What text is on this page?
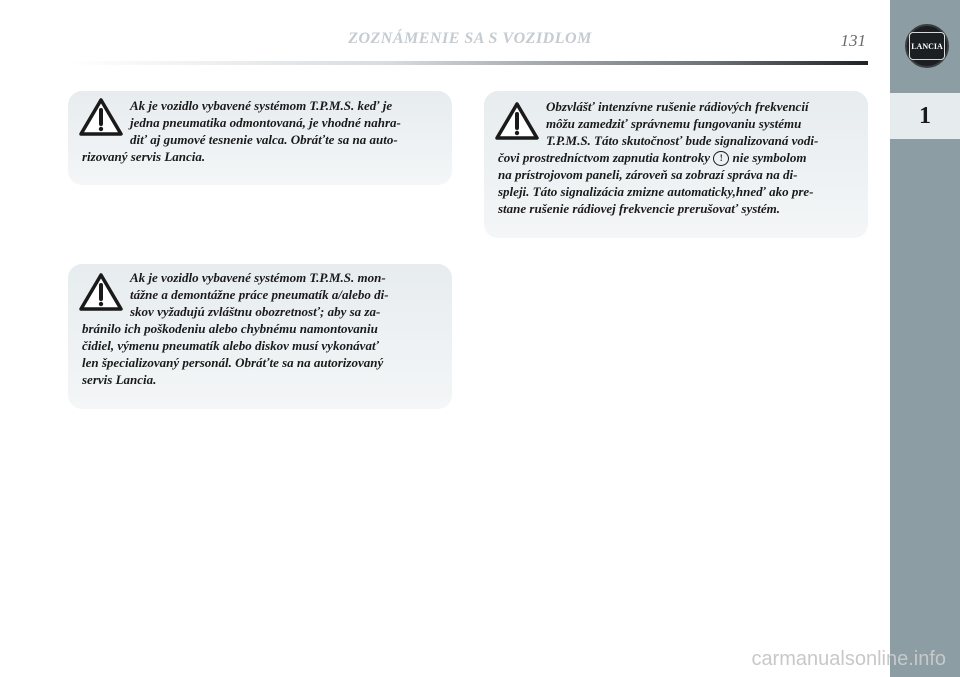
ZOZNÁMENIE SA S VOZIDLOM	131	LANCIA
1

Ak je vozidlo vybavené systémom T.P.M.S. keď je
jedna pneumatika odmontovaná, je vhodné nahra-
diť aj gumové tesnenie valca. Obráťte sa na auto-
rizovaný servis Lancia.

Ak je vozidlo vybavené systémom T.P.M.S. mon-
tážne a demontážne práce pneumatík a/alebo di-
skov vyžadujú zvláštnu obozretnosť; aby sa za-
bránilo ich poškodeniu alebo chybnému namontovaniu
čidiel, výmenu pneumatík alebo diskov musí vykonávať
len špecializovaný personál. Obráťte sa na autorizovaný
servis Lancia.

Obzvlášť intenzívne rušenie rádiových frekvencií
môžu zamedziť správnemu fungovaniu systému
T.P.M.S. Táto skutočnosť bude signalizovaná vodi-
čovi prostredníctvom zapnutia kontroky ! nie symbolom
na prístrojovom paneli, zároveň sa zobrazí správa na di-
spleji. Táto signalizácia zmizne automaticky,hneď ako pre-
stane rušenie rádiovej frekvencie prerušovať systém.

carmanualsonline.info
